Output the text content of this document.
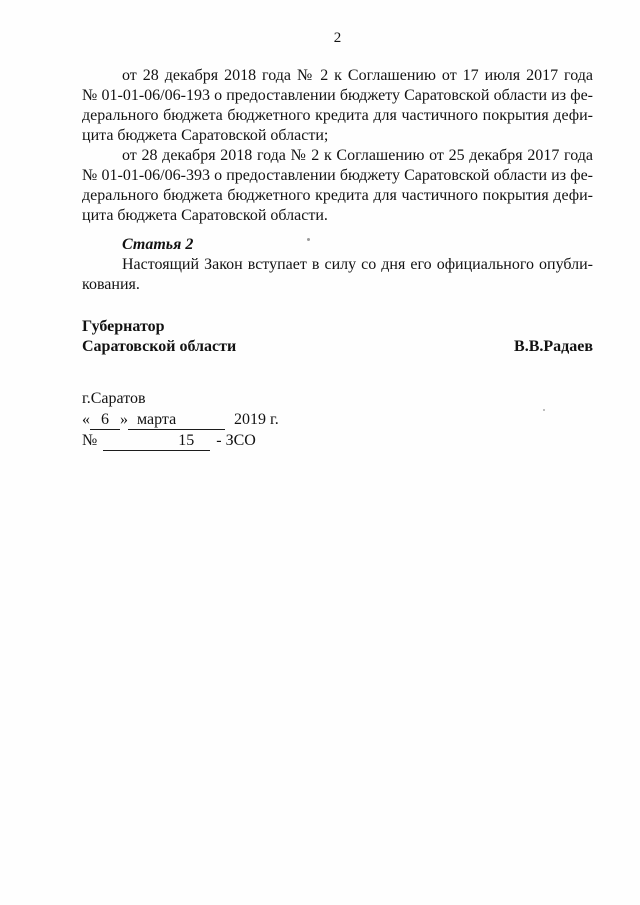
2

от 28 декабря 2018 года № 2 к Соглашению от 17 июля 2017 года

№ 01-01-06/06-193 о предоставлении бюджету Саратовской области из фе-

дерального бюджета бюджетного кредита для частичного покрытия дефи-

цита бюджета Саратовской области;

от 28 декабря 2018 года № 2 к Соглашению от 25 декабря 2017 года

№ 01-01-06/06-393 о предоставлении бюджету Саратовской области из фе-

дерального бюджета бюджетного кредита для частичного покрытия дефи-

цита бюджета Саратовской области.

Статья 2

Настоящий Закон вступает в силу со дня его официального опубли-

кования.

Губернатор

Саратовской области	В.В.Радаев

г.Саратов

« 6 » марта	2019 г.

№	15 - ЗСО
